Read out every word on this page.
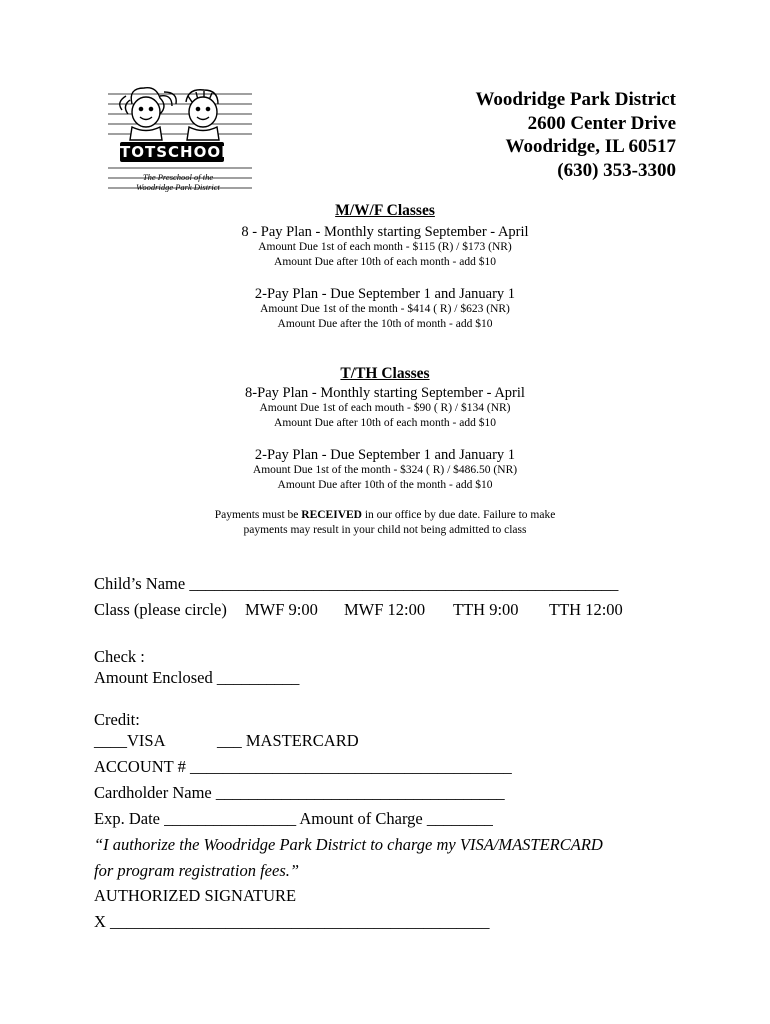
TOTSCHOOL
The Preschool of the
Woodridge Park District
Woodridge Park District
2600 Center Drive
Woodridge, IL 60517
(630) 353-3300
M/W/F Classes
8 - Pay Plan - Monthly starting September - April
Amount Due 1st of each month - $115 (R) / $173 (NR)
Amount Due after 10th of each month - add $10
2-Pay Plan - Due September 1 and January 1
Amount Due 1st of the month - $414 ( R) / $623 (NR)
Amount Due after the 10th of month - add $10
T/TH Classes
8-Pay Plan - Monthly starting September - April
Amount Due 1st of each mouth - $90 ( R) / $134 (NR)
Amount Due after 10th of each month - add $10
2-Pay Plan - Due September 1 and January 1
Amount Due 1st of the month - $324 ( R) / $486.50 (NR)
Amount Due after 10th of the month - add $10
Payments must be RECEIVED in our office by due date. Failure to make
payments may result in your child not being admitted to class
Child’s Name ____________________________________________________
Class (please circle) MWF 9:00 MWF 12:00 TTH 9:00 TTH 12:00
Check :
Amount Enclosed __________
Credit:
____VISA	___ MASTERCARD
ACCOUNT # _______________________________________
Cardholder Name ___________________________________
Exp. Date ________________ Amount of Charge ________
“I authorize the Woodridge Park District to charge my VISA/MASTERCARD
for program registration fees.”
AUTHORIZED SIGNATURE
X ______________________________________________
